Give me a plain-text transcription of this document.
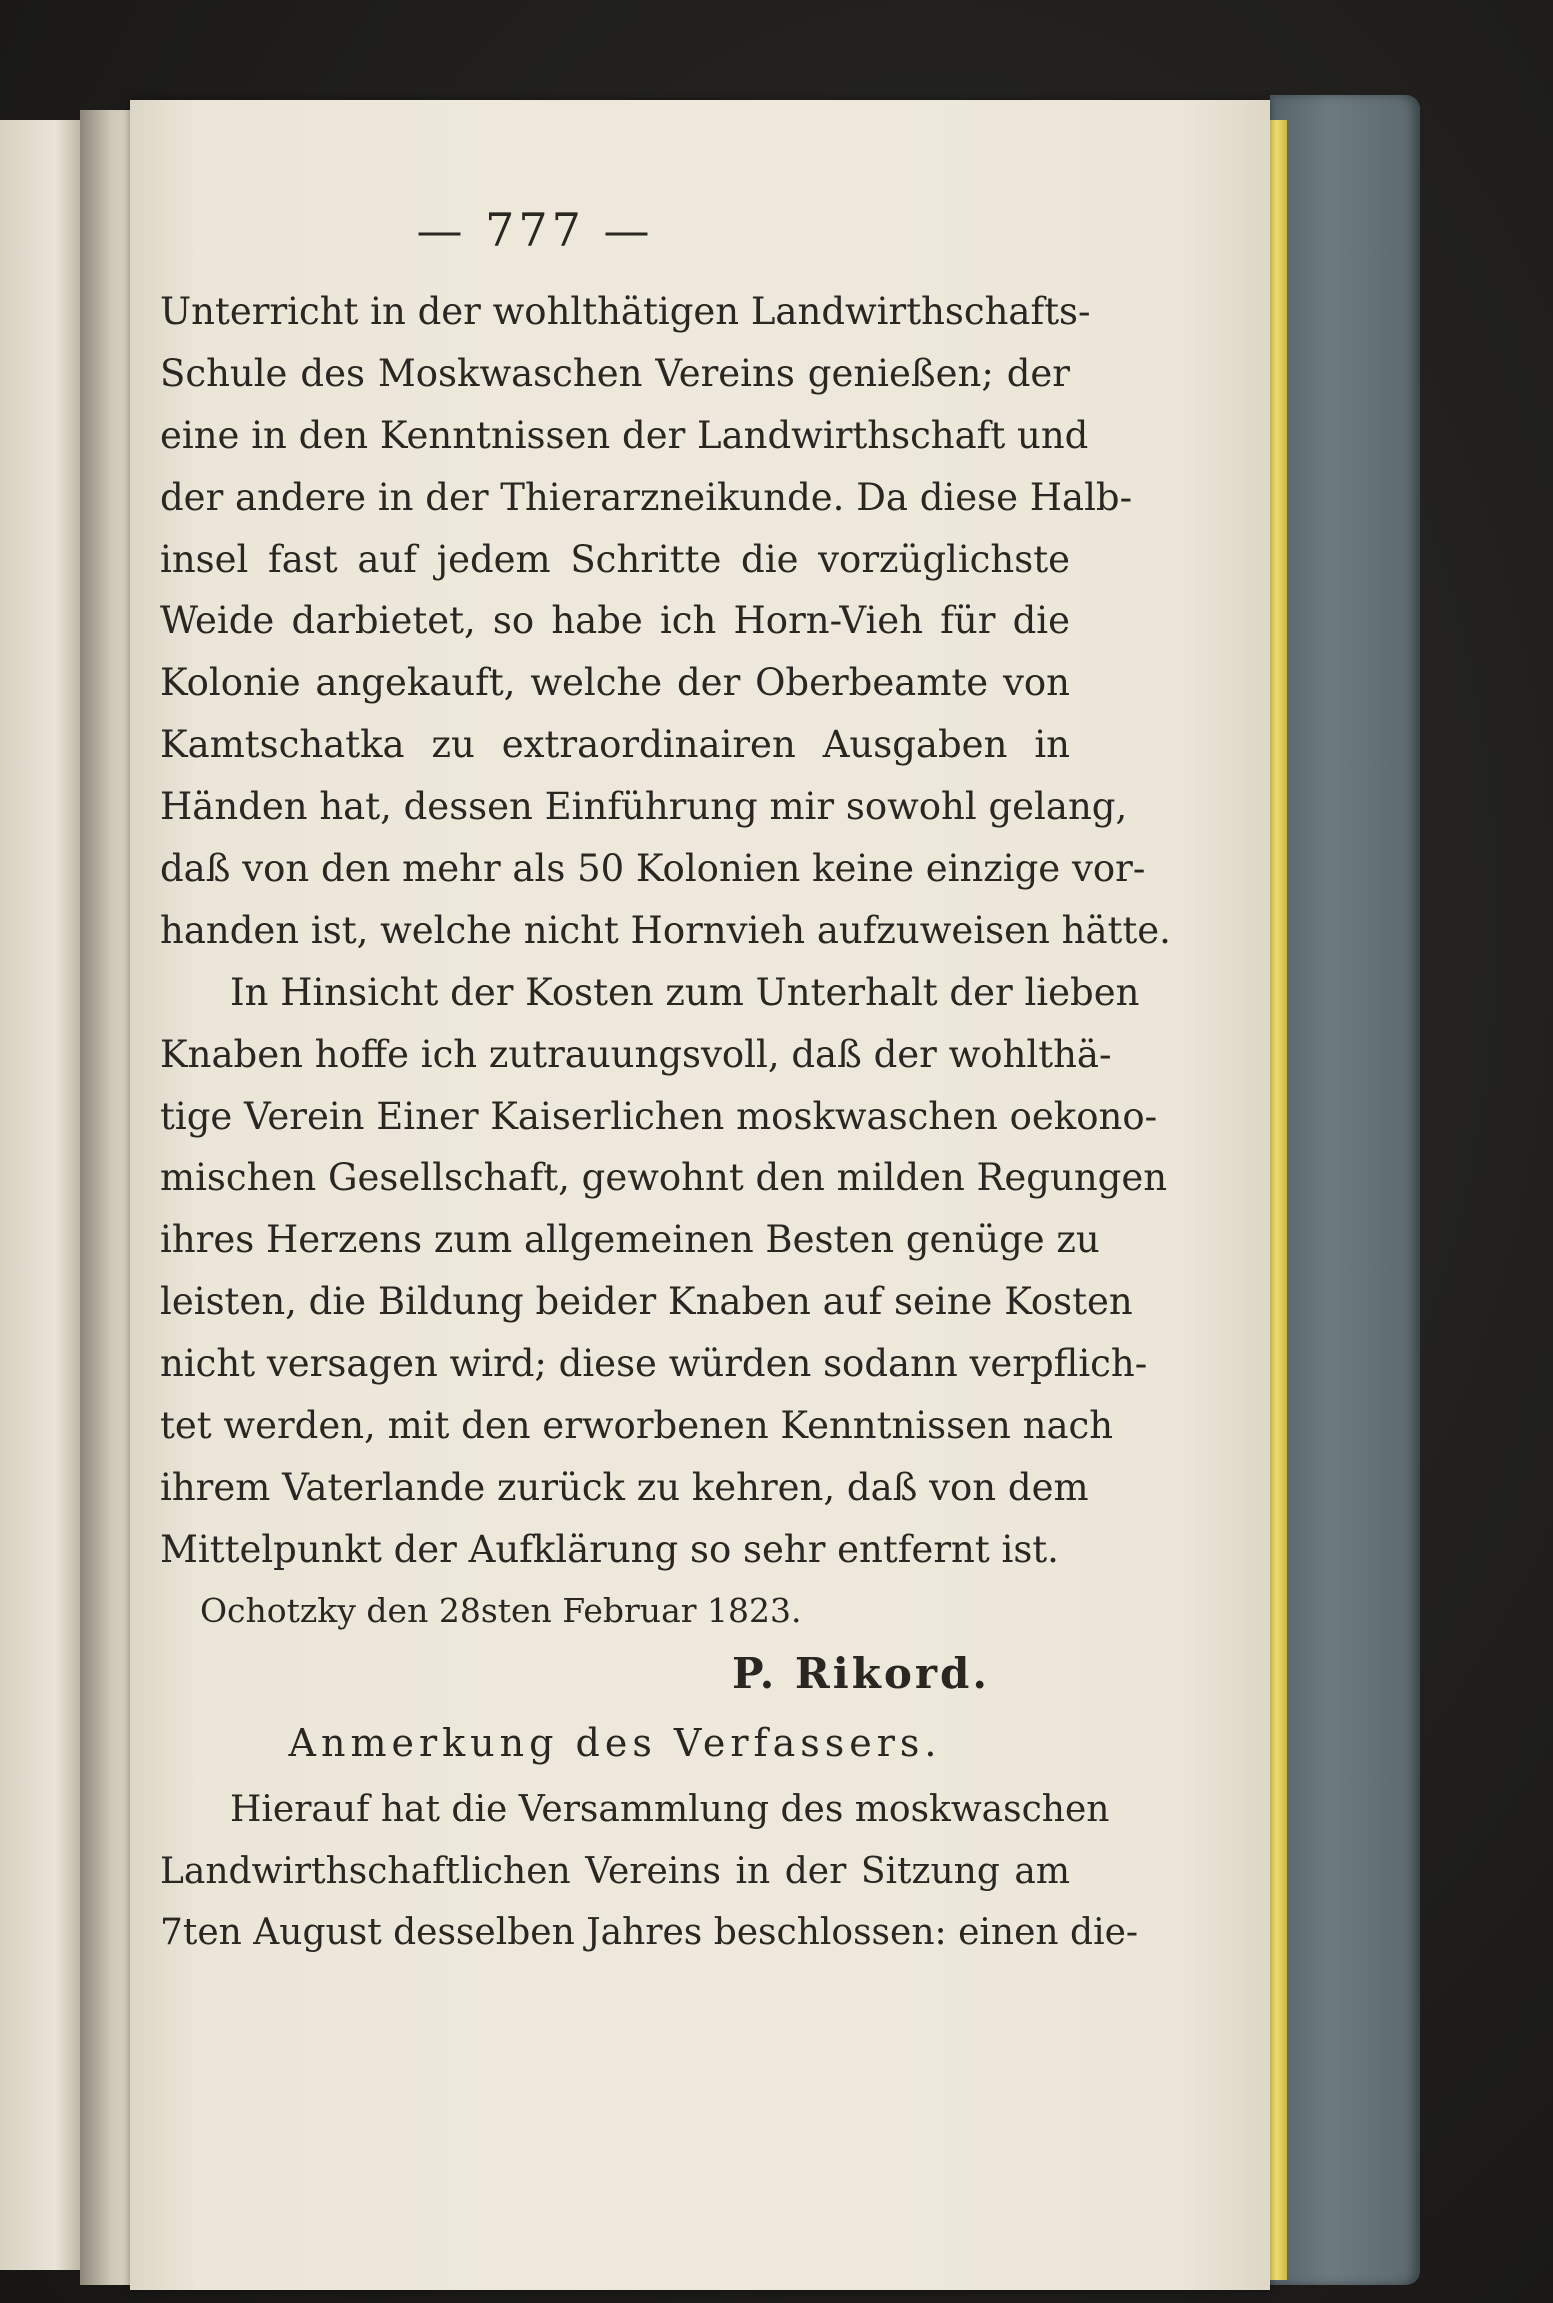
— 777 —
Unterricht in der wohlthätigen Landwirthschafts-
Schule des Moskwaschen Vereins genießen; der
eine in den Kenntnissen der Landwirthschaft und
der andere in der Thierarzneikunde. Da diese Halb-
insel fast auf jedem Schritte die vorzüglichste
Weide darbietet, so habe ich Horn-Vieh für die
Kolonie angekauft, welche der Oberbeamte von
Kamtschatka zu extraordinairen Ausgaben in
Händen hat, dessen Einführung mir sowohl gelang,
daß von den mehr als 50 Kolonien keine einzige vor-
handen ist, welche nicht Hornvieh aufzuweisen hätte.
In Hinsicht der Kosten zum Unterhalt der lieben
Knaben hoffe ich zutrauungsvoll, daß der wohlthä-
tige Verein Einer Kaiserlichen moskwaschen oekono-
mischen Gesellschaft, gewohnt den milden Regungen
ihres Herzens zum allgemeinen Besten genüge zu
leisten, die Bildung beider Knaben auf seine Kosten
nicht versagen wird; diese würden sodann verpflich-
tet werden, mit den erworbenen Kenntnissen nach
ihrem Vaterlande zurück zu kehren, daß von dem
Mittelpunkt der Aufklärung so sehr entfernt ist.
Ochotzky den 28sten Februar 1823.
P. Rikord.
Anmerkung des Verfassers.
Hierauf hat die Versammlung des moskwaschen
Landwirthschaftlichen Vereins in der Sitzung am
7ten August desselben Jahres beschlossen: einen die-
